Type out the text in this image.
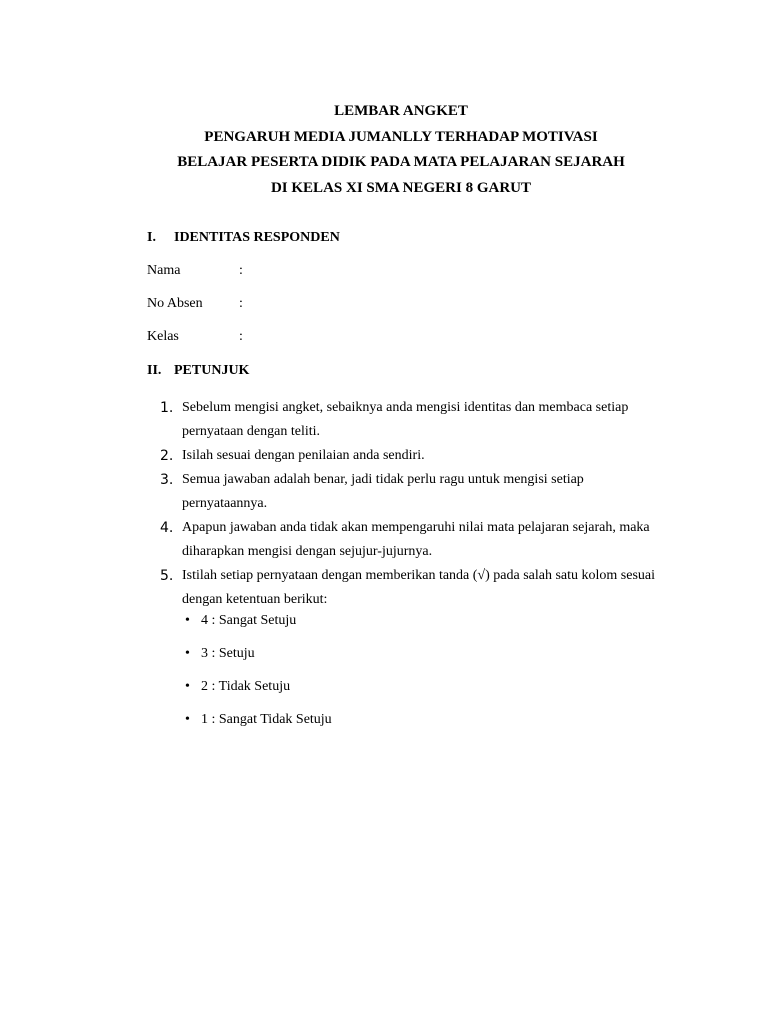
LEMBAR ANGKET
PENGARUH MEDIA JUMANLLY TERHADAP MOTIVASI
BELAJAR PESERTA DIDIK PADA MATA PELAJARAN SEJARAH
DI KELAS XI SMA NEGERI 8 GARUT
I. IDENTITAS RESPONDEN
Nama	:
No Absen	:
Kelas	:
II. PETUNJUK
1. Sebelum mengisi angket, sebaiknya anda mengisi identitas dan membaca setiap pernyataan dengan teliti.
2. Isilah sesuai dengan penilaian anda sendiri.
3. Semua jawaban adalah benar, jadi tidak perlu ragu untuk mengisi setiap pernyataannya.
4. Apapun jawaban anda tidak akan mempengaruhi nilai mata pelajaran sejarah, maka diharapkan mengisi dengan sejujur-jujurnya.
5. Istilah setiap pernyataan dengan memberikan tanda (√) pada salah satu kolom sesuai dengan ketentuan berikut:
• 4 : Sangat Setuju
• 3 : Setuju
• 2 : Tidak Setuju
• 1 : Sangat Tidak Setuju
